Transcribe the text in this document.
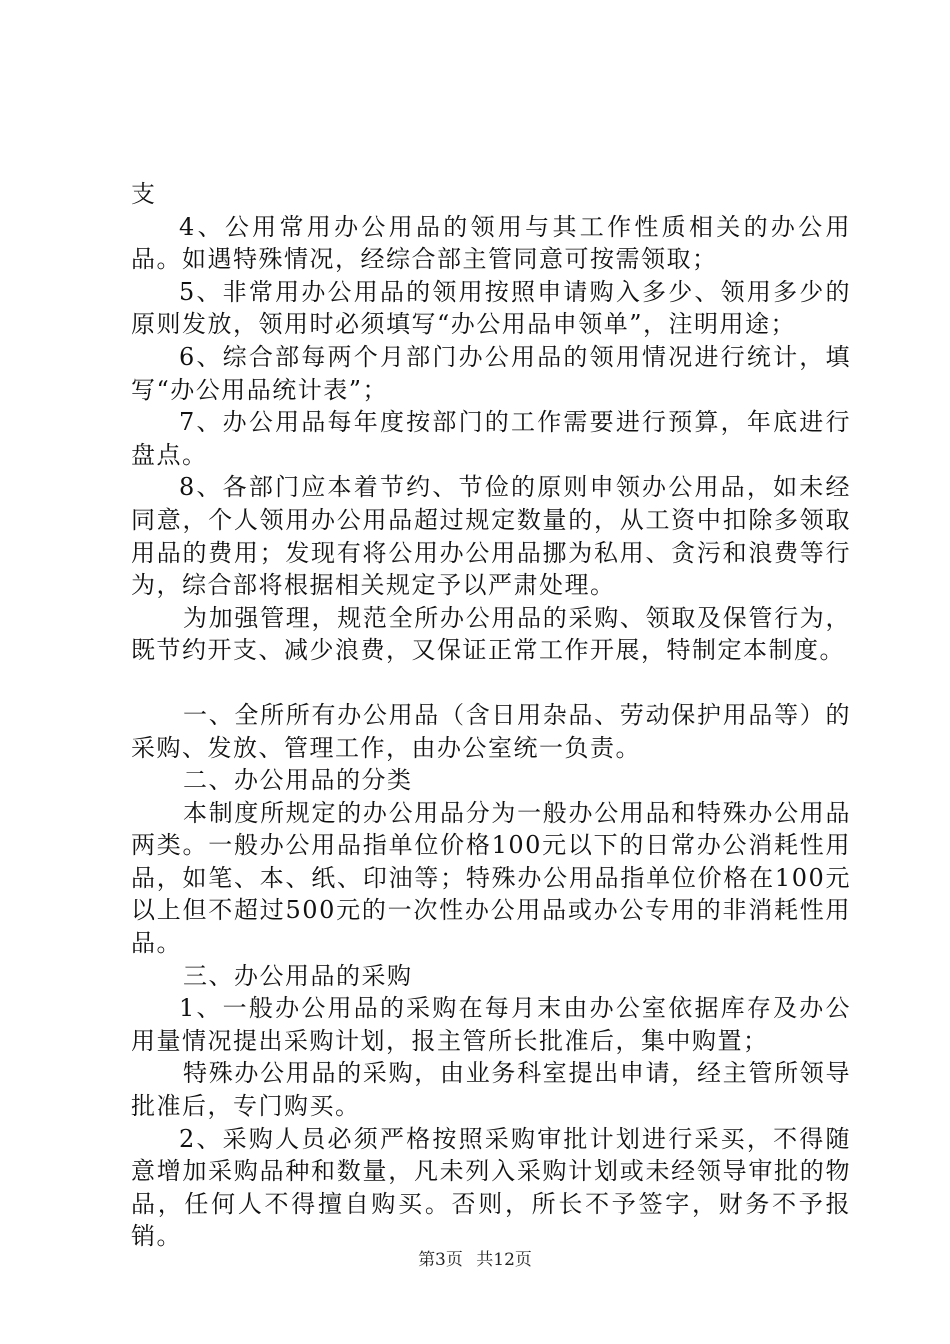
支

4、公用常用办公用品的领用与其工作性质相关的办公用品。如遇特殊情况，经综合部主管同意可按需领取；

5、非常用办公用品的领用按照申请购入多少、领用多少的原则发放，领用时必须填写“办公用品申领单”，注明用途；

6、综合部每两个月部门办公用品的领用情况进行统计，填写“办公用品统计表”；

7、办公用品每年度按部门的工作需要进行预算，年底进行盘点。

8、各部门应本着节约、节俭的原则申领办公用品，如未经同意，个人领用办公用品超过规定数量的，从工资中扣除多领取用品的费用；发现有将公用办公用品挪为私用、贪污和浪费等行为，综合部将根据相关规定予以严肃处理。

为加强管理，规范全所办公用品的采购、领取及保管行为，既节约开支、减少浪费，又保证正常工作开展，特制定本制度。

一、全所所有办公用品（含日用杂品、劳动保护用品等）的采购、发放、管理工作，由办公室统一负责。

二、办公用品的分类

本制度所规定的办公用品分为一般办公用品和特殊办公用品两类。一般办公用品指单位价格100元以下的日常办公消耗性用品，如笔、本、纸、印油等；特殊办公用品指单位价格在100元以上但不超过500元的一次性办公用品或办公专用的非消耗性用品。

三、办公用品的采购

1、一般办公用品的采购在每月末由办公室依据库存及办公用量情况提出采购计划，报主管所长批准后，集中购置；

特殊办公用品的采购，由业务科室提出申请，经主管所领导批准后，专门购买。

2、采购人员必须严格按照采购审批计划进行采买，不得随意增加采购品种和数量，凡未列入采购计划或未经领导审批的物品，任何人不得擅自购买。否则，所长不予签字，财务不予报销。

第3页 共12页
